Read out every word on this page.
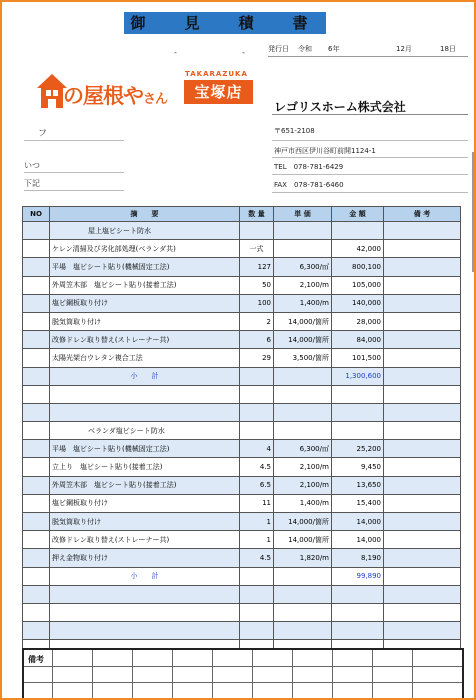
御　見　積　書
-	-	発行日 令和 6年	12月	18日
の屋根やさん
TAKARAZUKA
宝塚店
レゴリスホーム株式会社
〒651-2108
神戸市西区伊川谷町前開1124-1
TEL　078-781-6429
FAX　078-781-6460
フ
いつ
下記
NO	摘　　要	数 量	単 価	金 額	備 考
	屋上塩ビシート防水				
	ケレン清掃及び劣化部処理(ベランダ共)	一式		42,000	
	平場　塩ビシート貼り(機械固定工法)	127	6,300/㎡	800,100	
	外周笠木部　塩ビシート貼り(接着工法)	50	2,100/m	105,000	
	塩ビ鋼板取り付け	100	1,400/m	140,000	
	脱気筒取り付け	2	14,000/箇所	28,000	
	改修ドレン取り替え(ストレーナー共)	6	14,000/箇所	84,000	
	太陽光架台ウレタン複合工法	29	3,500/箇所	101,500	
	小　　計			1,300,600	

	ベランダ塩ビシート防水				
	平場　塩ビシート貼り(機械固定工法)	4	6,300/㎡	25,200	
	立上り　塩ビシート貼り(接着工法)	4.5	2,100/m	9,450	
	外周笠木部　塩ビシート貼り(接着工法)	6.5	2,100/m	13,650	
	塩ビ鋼板取り付け	11	1,400/m	15,400	
	脱気筒取り付け	1	14,000/箇所	14,000	
	改修ドレン取り替え(ストレーナー共)	1	14,000/箇所	14,000	
	押え金物取り付け	4.5	1,820/m	8,190	
	小　　計			99,890	

備考
